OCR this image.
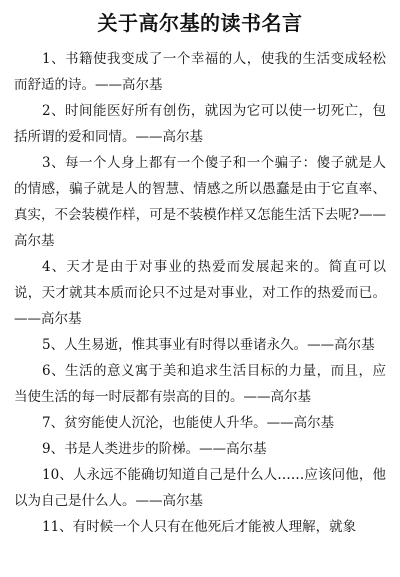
关于高尔基的读书名言

1、书籍使我变成了一个幸福的人，使我的生活变成轻松而舒适的诗。——高尔基

2、时间能医好所有创伤，就因为它可以使一切死亡，包括所谓的爱和同情。——高尔基

3、每一个人身上都有一个傻子和一个骗子：傻子就是人的情感，骗子就是人的智慧、情感之所以愚蠢是由于它直率、真实，不会装模作样，可是不装模作样又怎能生活下去呢?——高尔基

4、天才是由于对事业的热爱而发展起来的。简直可以说，天才就其本质而论只不过是对事业，对工作的热爱而已。——高尔基

5、人生易逝，惟其事业有时得以垂诸永久。——高尔基

6、生活的意义寓于美和追求生活目标的力量，而且，应当使生活的每一时辰都有崇高的目的。——高尔基

7、贫穷能使人沉沦，也能使人升华。——高尔基

9、书是人类进步的阶梯。——高尔基

10、人永远不能确切知道自己是什么人……应该问他，他以为自己是什么人。——高尔基

11、有时候一个人只有在他死后才能被人理解，就象
